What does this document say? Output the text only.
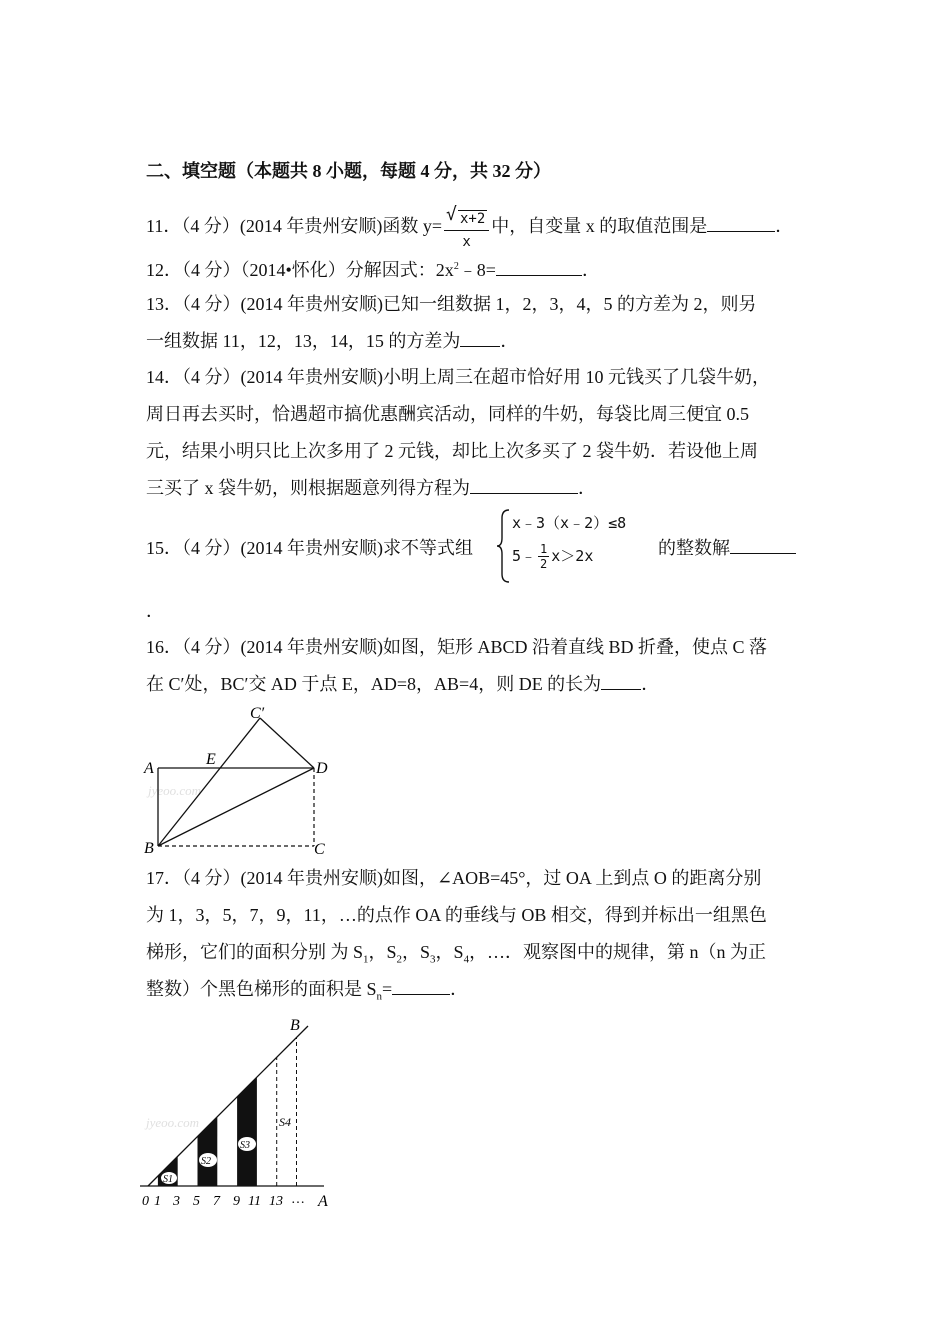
二、填空题（本题共 8 小题，每题 4 分，共 32 分）
11．（4 分）(2014 年贵州安顺)函数 $y= \frac{√ x+2}{x}$ 中，自变量 x 的取值范围是	．
12．（4 分）（2014•怀化）分解因式：$2x^2﹣8=$	．
13．（4 分）(2014 年贵州安顺)已知一组数据 1，2，3，4，5 的方差为 2，则另
一组数据 11，12，13，14，15 的方差为 ．
14．（4 分）(2014 年贵州安顺)小明上周三在超市恰好用 10 元钱买了几袋牛奶，
周日再去买时，恰遇超市搞优惠酬宾活动，同样的牛奶，每袋比周三便宜 0.5
元，结果小明只比上次多用了 2 元钱，却比上次多买了 2 袋牛奶．若设他上周
三买了 x 袋牛奶，则根据题意列得方程为	．
15．（4 分）(2014 年贵州安顺)求不等式组
x﹣3（x﹣2）≤8
5﹣ $\frac{1}{2} x>2x$	的整数解
．
16．（4 分）(2014 年贵州安顺)如图，矩形 ABCD 沿着直线 BD 折叠，使点 C 落
在 C′处，BC′交 AD 于点 E，AD=8，AB=4，则 DE 的长为 ．
jyeoo.com
A
B	C
D
E
C′
17．（4 分）(2014 年贵州安顺)如图，∠AOB=45°，过 OA 上到点 O 的距离分别
为 1，3，5，7，9，11，…的点作 OA 的垂线与 OB 相交，得到并标出一组黑色
梯形，它们的面积分别 为 $S_1$，$S_2$，$S_3$，$S_4$，…．观察图中的规律，第 n（n 为正
整数）个黑色梯形的面积是 $S_n=$	．
jyeoo.com
S1
S2
S3
S4
B
0 1 3 5 7 9 11 13 … A
